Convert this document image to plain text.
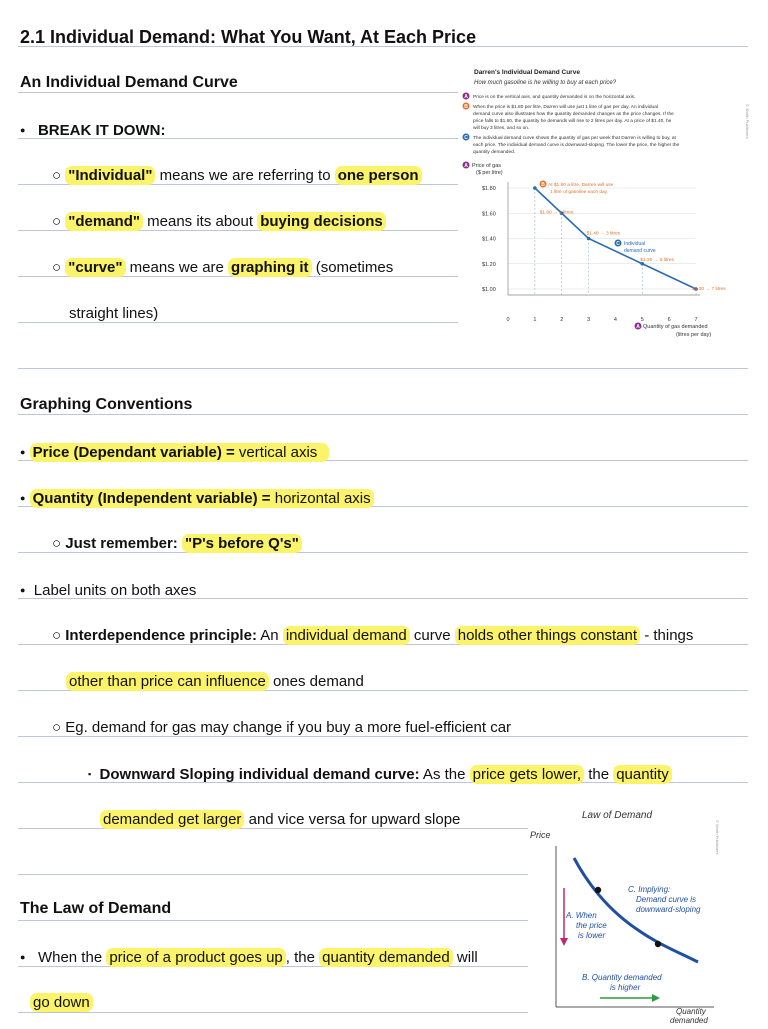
2.1 Individual Demand: What You Want, At Each Price
An Individual Demand Curve
● BREAK IT DOWN:
○ "Individual" means we are referring to one person
○ "demand" means its about buying decisions
○ "curve" means we are graphing it (sometimes
straight lines)
Graphing Conventions
● Price (Dependant variable) = vertical axis
● Quantity (Independent variable) = horizontal axis
○ Just remember: "P's before Q's"
● Label units on both axes
○ Interdependence principle: An individual demand curve holds other things constant - things
other than price can influence ones demand
○ Eg. demand for gas may change if you buy a more fuel-efficient car
▪ Downward Sloping individual demand curve: As the price gets lower, the quantity
demanded get larger and vice versa for upward slope
The Law of Demand
● When the price of a product goes up , the quantity demanded will
go down
Darren's Individual Demand Curve
How much gasoline is he willing to buy at each price?
A Price is on the vertical axis, and quantity demanded is on the horizontal axis.
B When the price is $1.80 per litre, Darren will use just 1 litre of gas per day. An individual
demand curve also illustrates how the quantity demanded changes as the price changes. If the
price falls to $1.60, the quantity he demands will rise to 2 litres per day. At a price of $1.40, he
will buy 3 litres, and so on.
C The individual demand curve shows the quantity of gas per week that Darren is willing to buy, at
each price. The individual demand curve is downward-sloping. The lower the price, the higher the
quantity demanded.
© Worth Publishers
A Price of gas
($ per litre)
$1.80
$1.60
$1.40
$1.20
$1.00
0	1	2	3	4	5	6	7
$1.60 → 2 litres
$1.40 → 3 litres
$1.20 → 5 litres
$1.00 → 7 litres
B At $1.80 a litre, Darren will use
1 litre of gasoline each day.
C Individual
demand curve
A Quantity of gas demanded
(litres per day)
Law of Demand
Price	© Worth Publishers
A. When
the price
is lower
C. Implying:
Demand curve is
downward-sloping
B. Quantity demanded
is higher
Quantity
demanded
